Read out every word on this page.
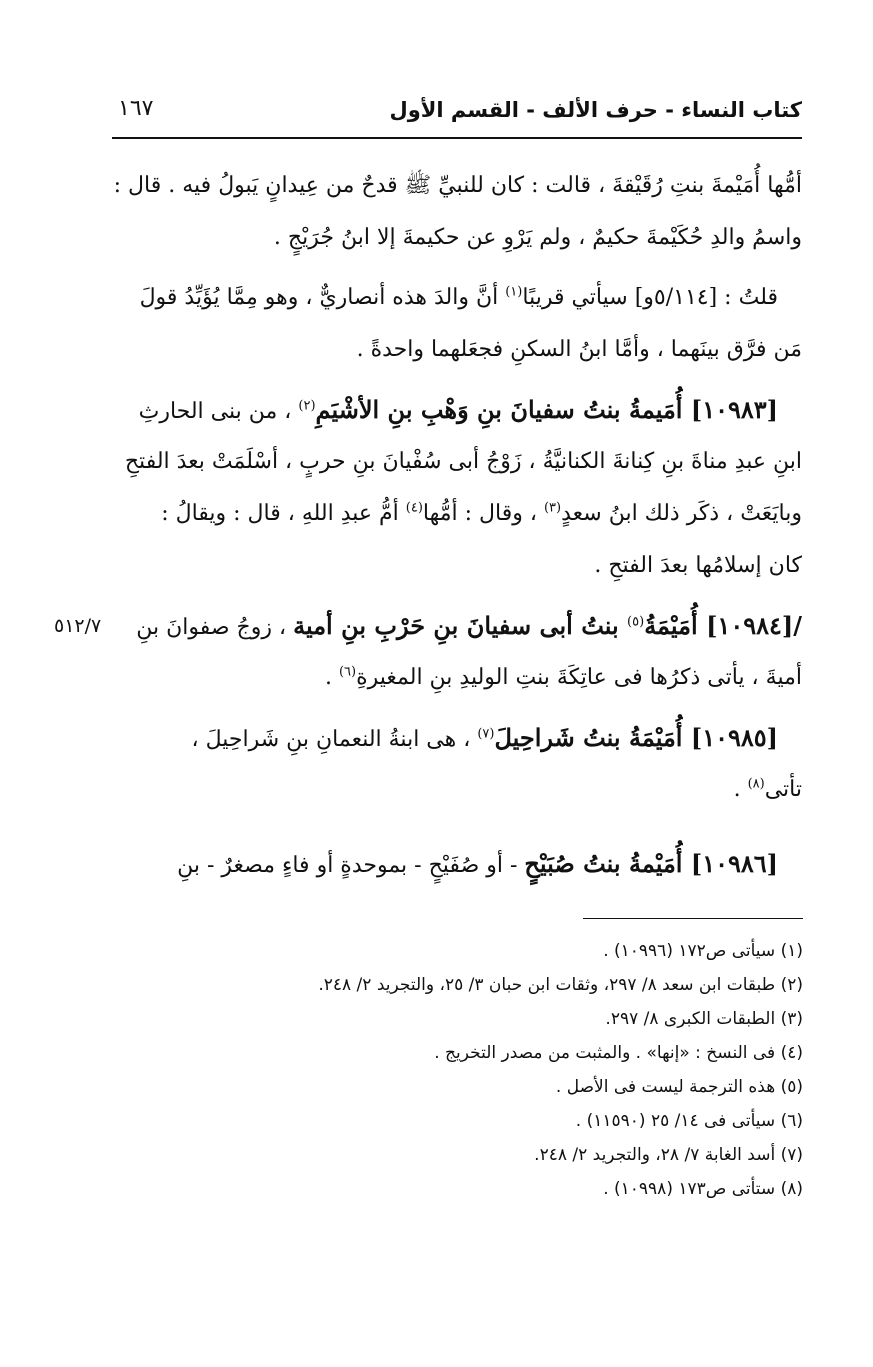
كتاب النساء - حرف الألف - القسم الأول
١٦٧
أمُّها أُمَيْمةَ بنتِ رُقَيْقةَ ، قالت : كان للنبيِّ ﷺ قدحٌ من عِيدانٍ يَبولُ فيه . قال :
واسمُ والدِ حُكَيْمةَ حكيمٌ ، ولم يَرْوِ عن حكيمةَ إلا ابنُ جُرَيْجٍ .
قلتُ : [٥/١١٤و] سيأتي قريبًا$^{(١)}$ أنَّ والدَ هذه أنصاريٌّ ، وهو مِمَّا يُؤَيِّدُ قولَ
مَن فرَّق بينَهما ، وأمَّا ابنُ السكنِ فجعَلهما واحدةً .
[١٠٩٨٣] أُمَيمةُ بنتُ سفيانَ بنِ وَهْبِ بنِ الأشْيَمِ$^{(٢)}$ ، من بنى الحارثِ
ابنِ عبدِ مناةَ بنِ كِنانةَ الكنانيَّةُ ، زَوْجُ أبى سُفْيانَ بنِ حربٍ ، أسْلَمَتْ بعدَ الفتحِ
وبايَعَتْ ، ذكَر ذلك ابنُ سعدٍ$^{(٣)}$ ، وقال : أمُّها$^{(٤)}$ أمُّ عبدِ اللهِ ، قال : ويقالُ :
كان إسلامُها بعدَ الفتحِ .
/[١٠٩٨٤] أُمَيْمَةُ$^{(٥)}$ بنتُ أبى سفيانَ بنِ حَرْبِ بنِ أمية ، زوجُ صفوانَ بنِ
٥١٢/٧
أميةَ ، يأتى ذكرُها فى عاتِكَةَ بنتِ الوليدِ بنِ المغيرةِ$^{(٦)}$ .
[١٠٩٨٥] أُمَيْمَةُ بنتُ شَراحِيلَ$^{(٧)}$ ، هى ابنةُ النعمانِ بنِ شَراحِيلَ ،
تأتى$^{(٨)}$ .
[١٠٩٨٦] أُمَيْمةُ بنتُ صُبَيْحٍ - أو صُفَيْحٍ - بموحدةٍ أو فاءٍ مصغرٌ - بنِ
(١) سيأتى ص١٧٢ (١٠٩٩٦) .
(٢) طبقات ابن سعد ٨/ ٢٩٧، وثقات ابن حبان ٣/ ٢٥، والتجريد ٢/ ٢٤٨.
(٣) الطبقات الكبرى ٨/ ٢٩٧.
(٤) فى النسخ : «إنها» . والمثبت من مصدر التخريج .
(٥) هذه الترجمة ليست فى الأصل .
(٦) سيأتى فى ١٤/ ٢٥ (١١٥٩٠) .
(٧) أسد الغابة ٧/ ٢٨، والتجريد ٢/ ٢٤٨.
(٨) ستأتى ص١٧٣ (١٠٩٩٨) .
